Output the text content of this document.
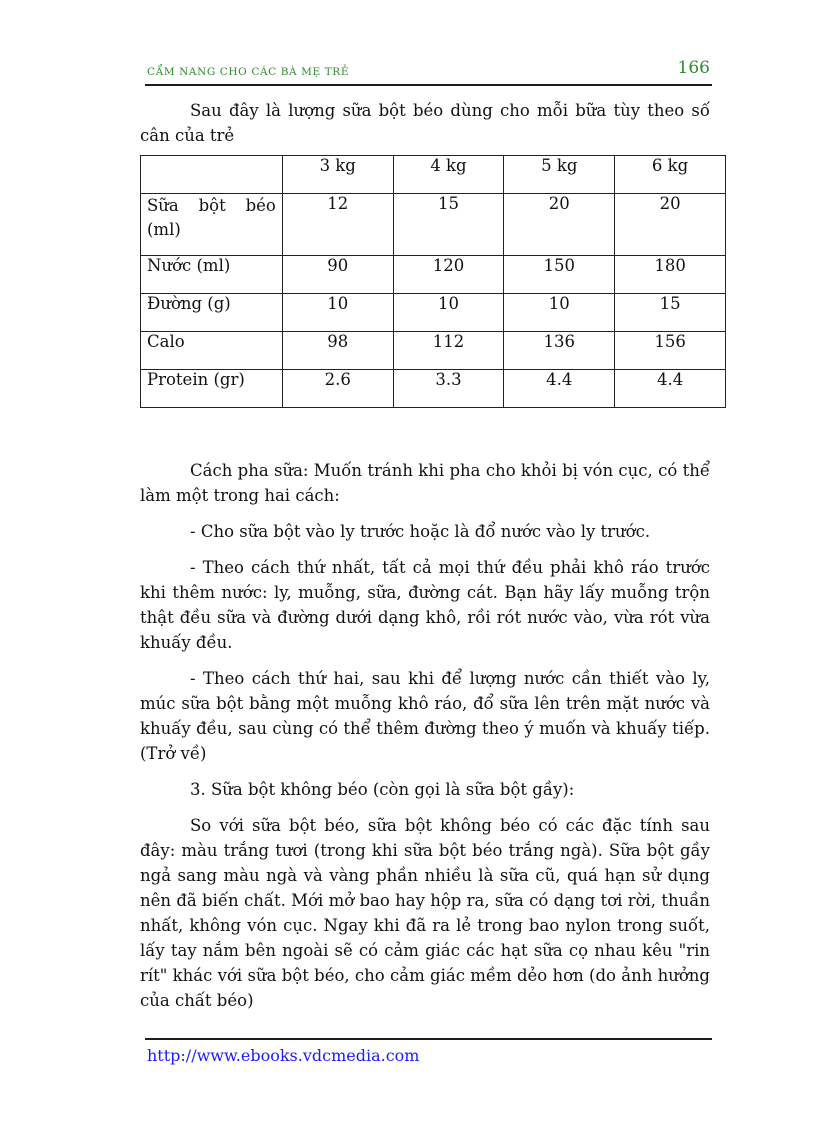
CẨM NANG CHO CÁC BÀ MẸ TRẺ	166

Sau đây là lượng sữa bột béo dùng cho mỗi bữa tùy theo số cân của trẻ

	3 kg	4 kg	5 kg	6 kg
Sữa bột béo (ml)	12	15	20	20
Nước (ml)	90	120	150	180
Đường (g)	10	10	10	15
Calo	98	112	136	156
Protein (gr)	2.6	3.3	4.4	4.4

Cách pha sữa: Muốn tránh khi pha cho khỏi bị vón cục, có thể làm một trong hai cách:

- Cho sữa bột vào ly trước hoặc là đổ nước vào ly trước.

- Theo cách thứ nhất, tất cả mọi thứ đều phải khô ráo trước khi thêm nước: ly, muỗng, sữa, đường cát. Bạn hãy lấy muỗng trộn thật đều sữa và đường dưới dạng khô, rồi rót nước vào, vừa rót vừa khuấy đều.

- Theo cách thứ hai, sau khi để lượng nước cần thiết vào ly, múc sữa bột bằng một muỗng khô ráo, đổ sữa lên trên mặt nước và khuấy đều, sau cùng có thể thêm đường theo ý muốn và khuấy tiếp.(Trở về)

3. Sữa bột không béo (còn gọi là sữa bột gầy):

So với sữa bột béo, sữa bột không béo có các đặc tính sau đây: màu trắng tươi (trong khi sữa bột béo trắng ngà). Sữa bột gầy ngả sang màu ngà và vàng phần nhiều là sữa cũ, quá hạn sử dụng nên đã biến chất. Mới mở bao hay hộp ra, sữa có dạng tơi rời, thuần nhất, không vón cục. Ngay khi đã ra lẻ trong bao nylon trong suốt, lấy tay nắm bên ngoài sẽ có cảm giác các hạt sữa cọ nhau kêu "rin rít" khác với sữa bột béo, cho cảm giác mềm dẻo hơn (do ảnh hưởng của chất béo)

http://www.ebooks.vdcmedia.com
